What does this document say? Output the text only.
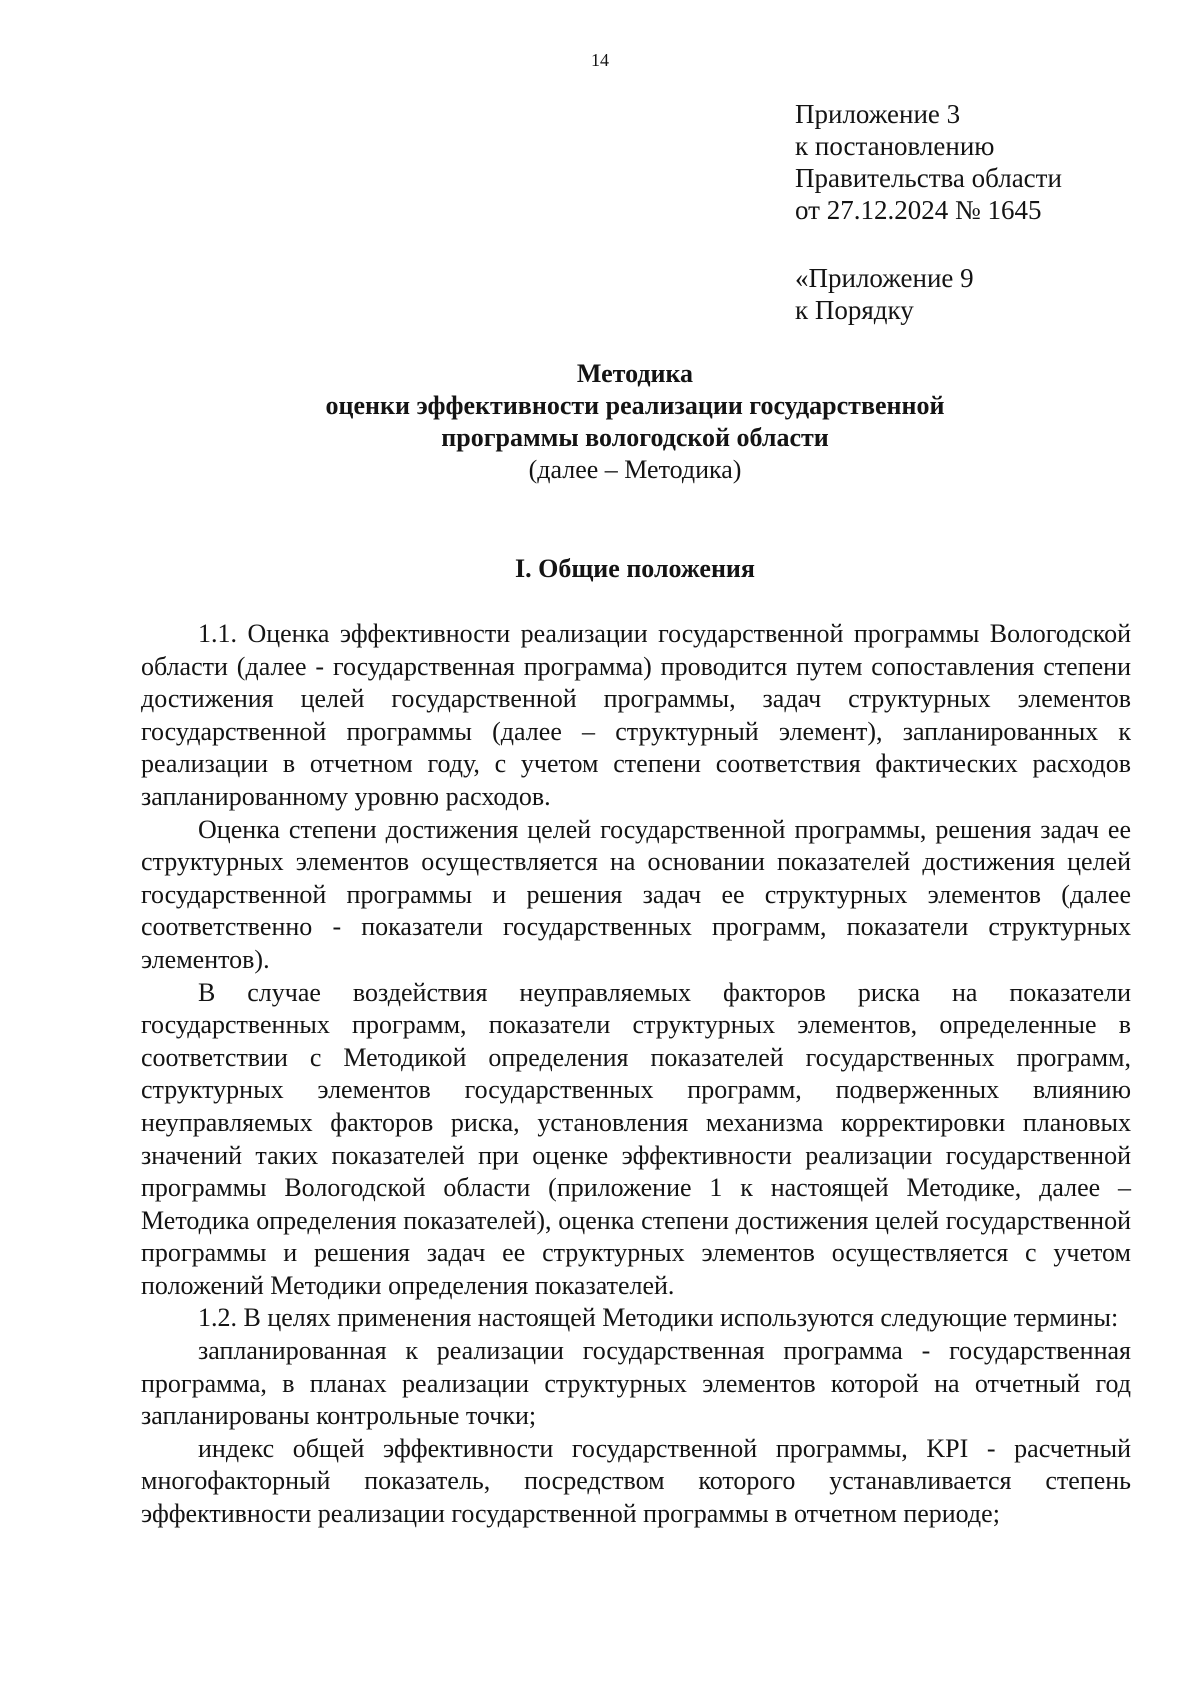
14
Приложение 3
к постановлению
Правительства области
от 27.12.2024 № 1645
«Приложение 9
к Порядку
Методика
оценки эффективности реализации государственной
программы вологодской области
(далее – Методика)
I. Общие положения

1.1. Оценка эффективности реализации государственной программы Вологодской области (далее - государственная программа) проводится путем сопоставления степени достижения целей государственной программы, задач структурных элементов государственной программы (далее – структурный элемент), запланированных к реализации в отчетном году, с учетом степени соответствия фактических расходов запланированному уровню расходов.

Оценка степени достижения целей государственной программы, решения задач ее структурных элементов осуществляется на основании показателей достижения целей государственной программы и решения задач ее структурных элементов (далее соответственно - показатели государственных программ, показатели структурных элементов).

В случае воздействия неуправляемых факторов риска на показатели государственных программ, показатели структурных элементов, определенные в соответствии с Методикой определения показателей государственных программ, структурных элементов государственных программ, подверженных влиянию неуправляемых факторов риска, установления механизма корректировки плановых значений таких показателей при оценке эффективности реализации государственной программы Вологодской области (приложение 1 к настоящей Методике, далее – Методика определения показателей), оценка степени достижения целей государственной программы и решения задач ее структурных элементов осуществляется с учетом положений Методики определения показателей.

1.2. В целях применения настоящей Методики используются следующие термины:

запланированная к реализации государственная программа - государственная программа, в планах реализации структурных элементов которой на отчетный год запланированы контрольные точки;

индекс общей эффективности государственной программы, KPI - расчетный многофакторный показатель, посредством которого устанавливается степень эффективности реализации государственной программы в отчетном периоде;
